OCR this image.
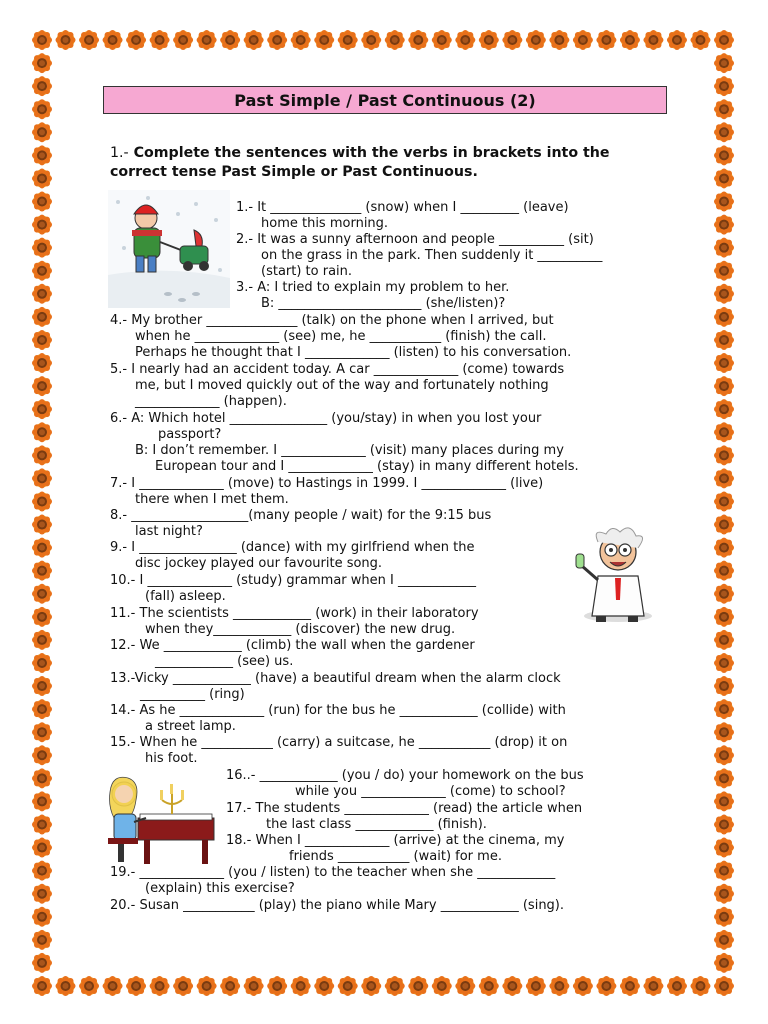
Past Simple / Past Continuous (2)
1.- Complete the sentences with the verbs in brackets into the correct tense Past Simple or Past Continuous.
1.- It ______________ (snow) when I _________ (leave)
home this morning.
2.- It was a sunny afternoon and people __________ (sit)
on the grass in the park. Then suddenly it __________
(start) to rain.
3.- A: I tried to explain my problem to her.
B: ______________________ (she/listen)?
4.- My brother ______________ (talk) on the phone when I arrived, but
when he _____________ (see) me, he ___________ (finish) the call.
Perhaps he thought that I _____________ (listen) to his conversation.
5.- I nearly had an accident today. A car _____________ (come) towards
me, but I moved quickly out of the way and fortunately nothing
_____________ (happen).
6.- A: Which hotel _______________ (you/stay) in when you lost your
passport?
B: I don’t remember. I _____________ (visit) many places during my
European tour and I _____________ (stay) in many different hotels.
7.- I _____________ (move) to Hastings in 1999. I _____________ (live)
there when I met them.
8.- __________________(many people / wait) for the 9:15 bus
last night?
9.- I _______________ (dance) with my girlfriend when the
disc jockey played our favourite song.
10.- I _____________ (study) grammar when I ____________
(fall) asleep.
11.- The scientists ____________ (work) in their laboratory
when they____________ (discover) the new drug.
12.- We ____________ (climb) the wall when the gardener
____________ (see) us.
13.-Vicky ____________ (have) a beautiful dream when the alarm clock
__________ (ring)
14.- As he _____________ (run) for the bus he ____________ (collide) with
a street lamp.
15.- When he ___________ (carry) a suitcase, he ___________ (drop) it on
his foot.
16..- ____________ (you / do) your homework on the bus
while you _____________ (come) to school?
17.- The students _____________ (read) the article when
the last class ____________ (finish).
18.- When I _____________ (arrive) at the cinema, my
friends ___________ (wait) for me.
19.- _____________ (you / listen) to the teacher when she ____________
(explain) this exercise?
20.- Susan ___________ (play) the piano while Mary ____________ (sing).
